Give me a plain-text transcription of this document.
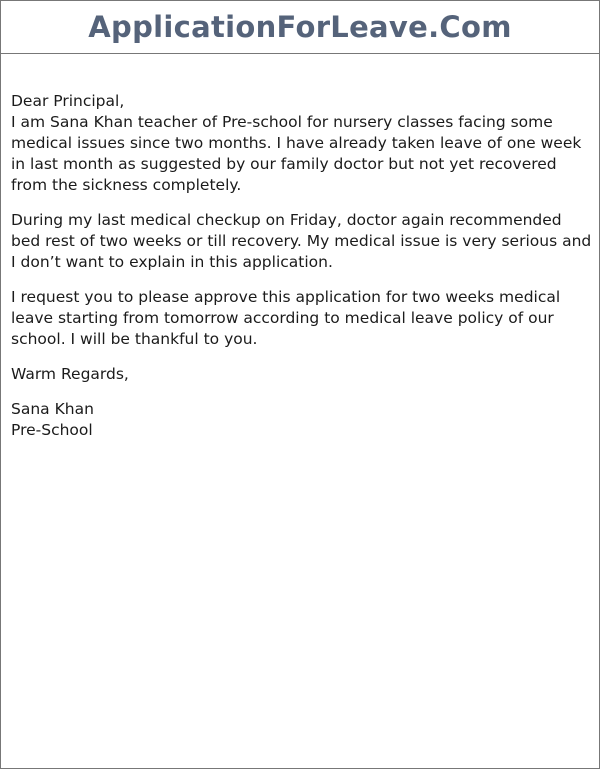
ApplicationForLeave.Com

Dear Principal,

I am Sana Khan teacher of Pre-school for nursery classes facing some medical issues since two months. I have already taken leave of one week in last month as suggested by our family doctor but not yet recovered from the sickness completely.

During my last medical checkup on Friday, doctor again recommended bed rest of two weeks or till recovery. My medical issue is very serious and I don’t want to explain in this application.

I request you to please approve this application for two weeks medical leave starting from tomorrow according to medical leave policy of our school. I will be thankful to you.

Warm Regards,

Sana Khan

Pre-School
